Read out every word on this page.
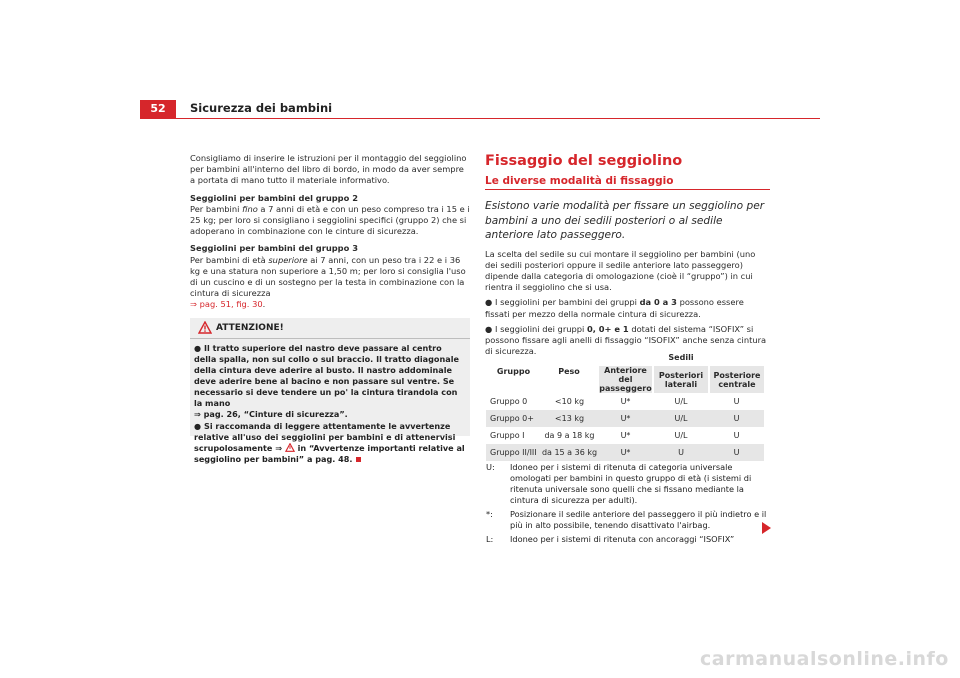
52	Sicurezza dei bambini

Consigliamo di inserire le istruzioni per il montaggio del seggiolino per bambini all'interno del libro di bordo, in modo da aver sempre a portata di mano tutto il materiale informativo.

Seggiolini per bambini del gruppo 2

Per bambini fino a 7 anni di età e con un peso compreso tra i 15 e i 25 kg; per loro si consigliano i seggiolini specifici (gruppo 2) che si adoperano in combinazione con le cinture di sicurezza.

Seggiolini per bambini del gruppo 3

Per bambini di età superiore ai 7 anni, con un peso tra i 22 e i 36 kg e una statura non superiore a 1,50 m; per loro si consiglia l'uso di un cuscino e di un sostegno per la testa in combinazione con la cintura di sicurezza
⇒ pag. 51, fig. 30.

ATTENZIONE!

● Il tratto superiore del nastro deve passare al centro della spalla, non sul collo o sul braccio. Il tratto diagonale della cintura deve aderire al busto. Il nastro addominale deve aderire bene al bacino e non passare sul ventre. Se necessario si deve tendere un po' la cintura tirandola con la mano
⇒ pag. 26, “Cinture di sicurezza”.

● Si raccomanda di leggere attentamente le avvertenze relative all'uso dei seggiolini per bambini e di attenervisi scrupolosamente ⇒  in “Avvertenze importanti relative al seggiolino per bambini” a pag. 48.

Fissaggio del seggiolino
Le diverse modalità di fissaggio
Esistono varie modalità per fissare un seggiolino per bambini a uno dei sedili posteriori o al sedile anteriore lato passeggero.

La scelta del sedile su cui montare il seggiolino per bambini (uno dei sedili posteriori oppure il sedile anteriore lato passeggero) dipende dalla categoria di omologazione (cioè il “gruppo”) in cui rientra il seggiolino che si usa.

● I seggiolini per bambini dei gruppi da 0 a 3 possono essere fissati per mezzo della normale cintura di sicurezza.

● I seggiolini dei gruppi 0, 0+ e 1 dotati del sistema “ISOFIX” si possono fissare agli anelli di fissaggio “ISOFIX” anche senza cintura di sicurezza.

Gruppo	Peso	Sedili		
		Anteriore del passeggero	Posteriori laterali	Posteriore centrale
Gruppo 0	<10 kg	U*	U/L	U
Gruppo 0+	<13 kg	U*	U/L	U
Gruppo I	da 9 a 18 kg	U*	U/L	U
Gruppo II/III	da 15 a 36 kg	U*	U	U
U:	Idoneo per i sistemi di ritenuta di categoria universale omologati per bambini in questo gruppo di età (i sistemi di ritenuta universale sono quelli che si fissano mediante la cintura di sicurezza per adulti).
*:	Posizionare il sedile anteriore del passeggero il più indietro e il più in alto possibile, tenendo disattivato l'airbag.
L:	Idoneo per i sistemi di ritenuta con ancoraggi “ISOFIX”
carmanualsonline.info
